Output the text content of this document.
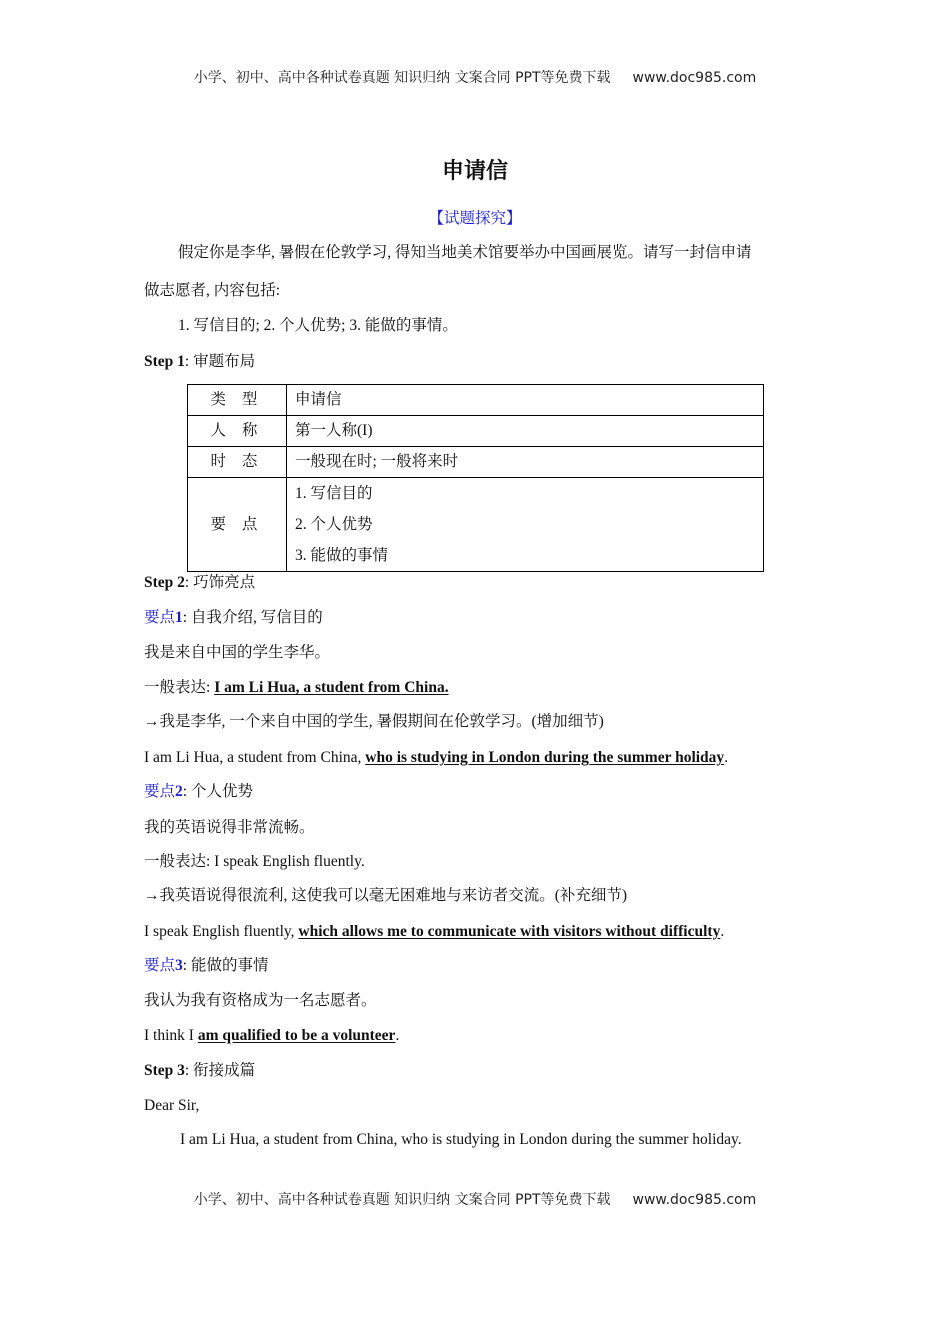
小学、初中、高中各种试卷真题 知识归纳 文案合同 PPT等免费下载 www.doc985.com
申请信
【试题探究】
假定你是李华, 暑假在伦敦学习, 得知当地美术馆要举办中国画展览。请写一封信申请
做志愿者, 内容包括:
1. 写信目的; 2. 个人优势; 3. 能做的事情。
Step 1: 审题布局
类 型	申请信
人 称	第一人称(I)
时 态	一般现在时; 一般将来时
要 点	1. 写信目的
2. 个人优势
3. 能做的事情
Step 2: 巧饰亮点
要点1: 自我介绍, 写信目的
我是来自中国的学生李华。
一般表达: I am Li Hua, a student from China.
→我是李华, 一个来自中国的学生, 暑假期间在伦敦学习。(增加细节)
I am Li Hua, a student from China, who is studying in London during the summer holiday.
要点2: 个人优势
我的英语说得非常流畅。
一般表达: I speak English fluently.
→我英语说得很流利, 这使我可以毫无困难地与来访者交流。(补充细节)
I speak English fluently, which allows me to communicate with visitors without difficulty.
要点3: 能做的事情
我认为我有资格成为一名志愿者。
I think I am qualified to be a volunteer.
Step 3: 衔接成篇
Dear Sir,
I am Li Hua, a student from China, who is studying in London during the summer holiday.
小学、初中、高中各种试卷真题 知识归纳 文案合同 PPT等免费下载 www.doc985.com
